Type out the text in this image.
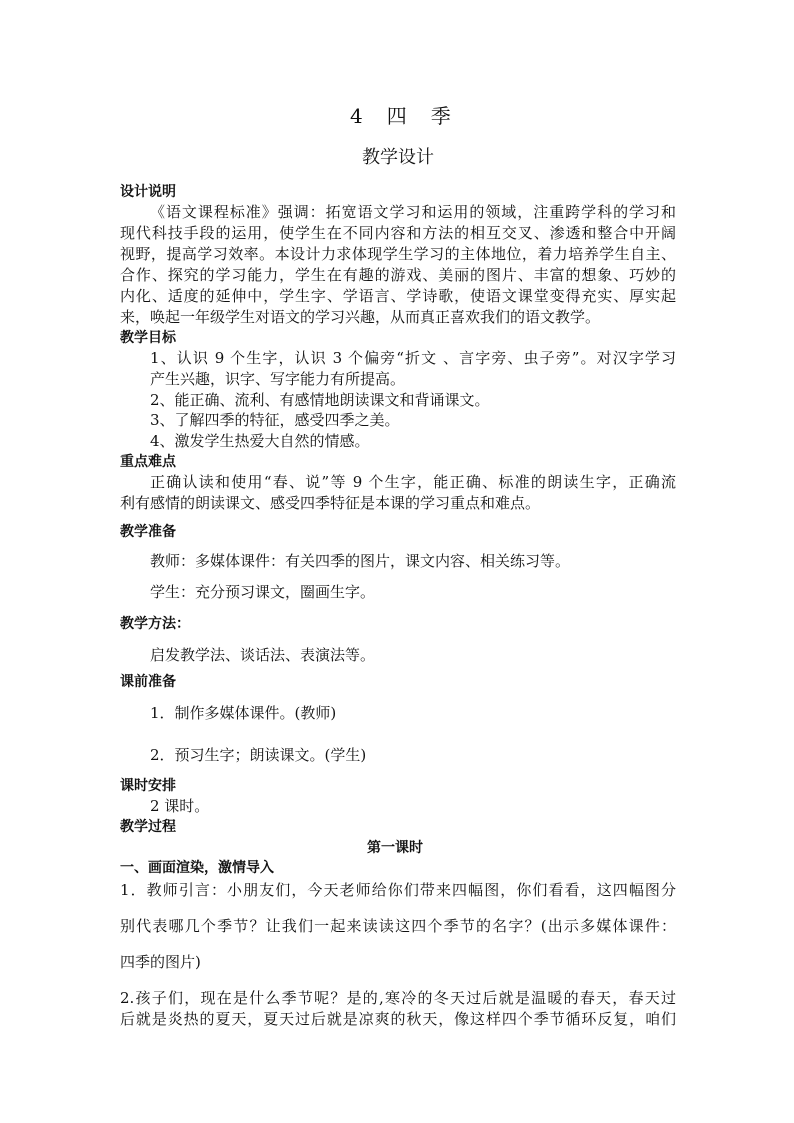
4　四　季
教学设计
设计说明
《语文课程标准》强调：拓宽语文学习和运用的领域，注重跨学科的学习和
现代科技手段的运用，使学生在不同内容和方法的相互交叉、渗透和整合中开阔
视野，提高学习效率。本设计力求体现学生学习的主体地位，着力培养学生自主、
合作、探究的学习能力，学生在有趣的游戏、美丽的图片、丰富的想象、巧妙的
内化、适度的延伸中，学生字、学语言、学诗歌，使语文课堂变得充实、厚实起
来，唤起一年级学生对语文的学习兴趣，从而真正喜欢我们的语文教学。
教学目标
1、认识 9 个生字，认识 3 个偏旁“折文 、言字旁、虫子旁”。对汉字学习
产生兴趣，识字、写字能力有所提高。
2、能正确、流利、有感情地朗读课文和背诵课文。
3、了解四季的特征，感受四季之美。
4、激发学生热爱大自然的情感。
重点难点
正确认读和使用“春、说”等 9 个生字，能正确、标准的朗读生字，正确流
利有感情的朗读课文、感受四季特征是本课的学习重点和难点。
教学准备
教师：多媒体课件：有关四季的图片，课文内容、相关练习等。
学生：充分预习课文，圈画生字。
教学方法：
启发教学法、谈话法、表演法等。
课前准备
1．制作多媒体课件。(教师)
2．预习生字；朗读课文。(学生)
课时安排
2 课时。
教学过程
第一课时
一、画面渲染，激情导入
1．教师引言：小朋友们，今天老师给你们带来四幅图，你们看看，这四幅图分
别代表哪几个季节？让我们一起来读读这四个季节的名字？(出示多媒体课件：
四季的图片)
2.孩子们，现在是什么季节呢？是的,寒冷的冬天过后就是温暖的春天，春天过
后就是炎热的夏天，夏天过后就是凉爽的秋天，像这样四个季节循环反复，咱们
